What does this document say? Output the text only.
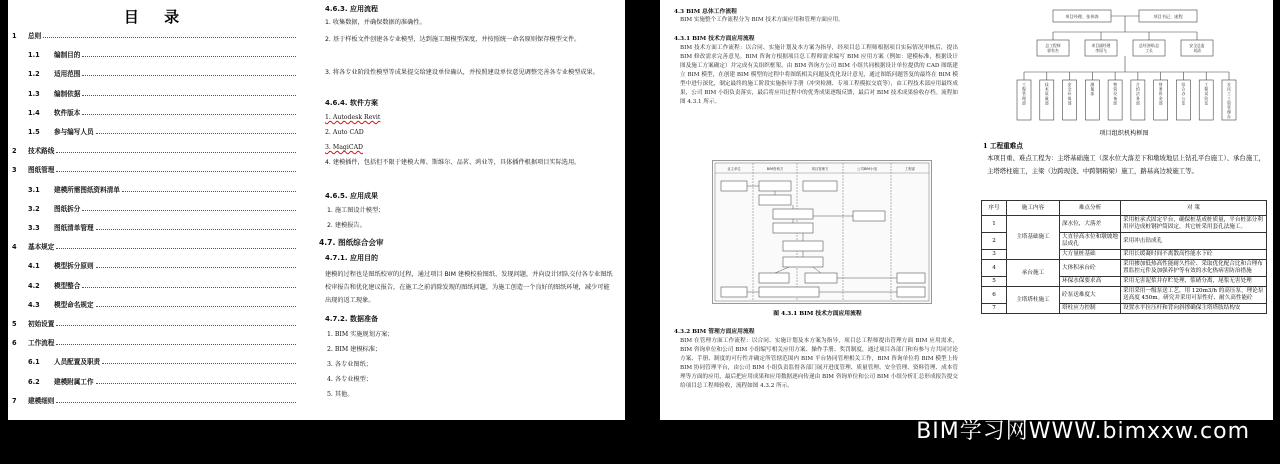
目 录
1	总则
1.1	编制目的
1.2	适用范围
1.3	编制依据
1.4	软件版本
1.5	参与编写人员
2	技术路线
3	图纸管理
3.1	建模所需图纸资料清单
3.2	图纸拆分
3.3	图纸清单管理
4	基本规定
4.1	模型拆分原则
4.2	模型整合
4.3	模型命名规定
5	初始设置
6	工作流程
6.1	人员配置及职责
6.2	建模附属工作
7	建模细则
4.6.3. 应用流程
1. 收集数据，并确保数据的准确性。
2. 基于样板文件创建各专业模型，达到施工图模型深度，并按照统一命名原则保存模型文件。
3. 将各专业阶段性模型等成果提交给建设单位确认，并按照建设单位意见调整完善各专业模型成果。
4.6.4. 软件方案
1. Autodesk Revit
2. Auto CAD
3. MagiCAD
4. 建模插件，包括但不限于建模大师、斯维尔、品茗、鸿业等，具体插件根据项目实际选用。
4.6.5. 应用成果
1. 施工图设计模型；
2. 建模报告。
4.7. 图纸综合会审
4.7.1. 应用目的
建模的过程也是图纸校审的过程，通过项目 BIM 建模校验图纸、发现问题，并向设计团队交付各专业图纸校审报告和优化建议报告，在施工之前消除发现的图纸问题，为施工创造一个良好的图纸环境，减少可能出现的返工现象。
4.7.2. 数据准备
1. BIM 实施规划方案；
2. BIM 建模标准；
3. 各专业图纸；
4. 各专业模型；
5. 其他。
4.3 BIM 总体工作流程
BIM 实施整个工作流程分为 BIM 技术方面应用和管理方面应用。
4.3.1 BIM 技术方面应用流程
BIM 技术方面工作流程：以合同、实施计划及本方案为指导，经项目总工程师根据项目实际情况审核后，提出 BIM 修改需求完善意见。BIM 咨询方根据项目总工程师需求编写 BIM 应用方案（例如：建模标准，根据设计图及施工方案确定）并完成有关组织框架。由 BIM 咨询方公司 BIM 小组共同根据设计单位提供的 CAD 图纸建立 BIM 模型，在创建 BIM 模型的过程中将图纸相关问题及优化设计意见，通过图纸问题答复的最终在 BIM 模型中进行深化，制定最终的施工阶段实施指导手册（冲突检测、专项工程模拟交底等），由工程技术部应用最终成果，公司 BIM 小组负责落实，最后将应用过程中的优秀成果逐级反馈，最后对 BIM 技术成果验收存档。流程如图 4.3.1 所示。
业主单位	BIM咨询方	项目管理方	公司BIM小组	工程部
图 4.3.1 BIM 技术方面应用流程
4.3.2 BIM 管理方面应用流程
BIM 在管理方面工作流程：以合同、实施计划及本方案为指导，项目总工程师提出管理方面 BIM 应用需求，BIM 咨询单位和公司 BIM 小组编写相关应用方案、操作手册、奖罚制度，通过项目各部门和有参与方共同讨论方案、手册、制度的可行性并确定所管辖范围内 BIM 平台协同管理相关工作，BIM 咨询单位将 BIM 模型上传 BIM 协同管理平台，由公司 BIM 小组负责监督各部门展开进度管理、质量管理、安全管理、资料管理、成本管理等方面的应用，最后把应用成果和应用数据逐向传递由 BIM 咨询单位和公司 BIM 小组分析汇总形成报告提交给项目总工程师验收，流程如图 4.3.2 所示。
项目经理、张伟涛	项目书记、庞程
总工程师
郭有杰
项目副经理
李国飞
总经济师/总
工长
安全总监
刘清
工
程
管
理
部
技
术
质
量
部
安
全
环
保
部
测
量
部
物
资
设
备
部
合
约
法
务
部
财
务
资
金
部
综
合
办
公
室
工
程
试
验
室
农
民
工
工
资
管
理
办
项目组织机构框图
1 工程重难点
本项目重、难点工程为：主塔基础施工（深水位大落差下和墩坡地层上钻孔平台施工）、承台施工，主塔塔柱施工，主梁（边跨现浇、中跨钢箱梁）施工，路基高边坡施工等。
序号	施工内容	难点分析	对 策
1	主塔基础施工	深水位，大落差	采用桩承式固定平台，确保桩基成桩质量，平台桩部分利用岸边成桩钢护筒固定，其它桩采用套孔法施工。
2		大直径高水位和墩坡地层成孔	采用冲击钻成孔
3		大方量桩基础	采用长缓凝时间不离散高性能水下砼
4	承台施工	大体积承台砼	采用掺加低热高性能耐久性砼、采取优化配合比和合理布置监控元件及加强养护等有效的水化热病害防治措施
5		环保水保要求高	采用无害泥浆并存贮处理，浆碴分离，尾浆无害处理
6	主塔塔柱施工	砼泵送难度大	采用采用一级泵送工艺，用 120m3/h 的高压泵，理论泵送高度 450m。研究并采用可泵性好、耐久高性能砼
7		塔柱应力控制	设置水平拉压杆和背向斜撑确保主塔塔肢结构安
BIM学习网WWW.bimxxw.com
